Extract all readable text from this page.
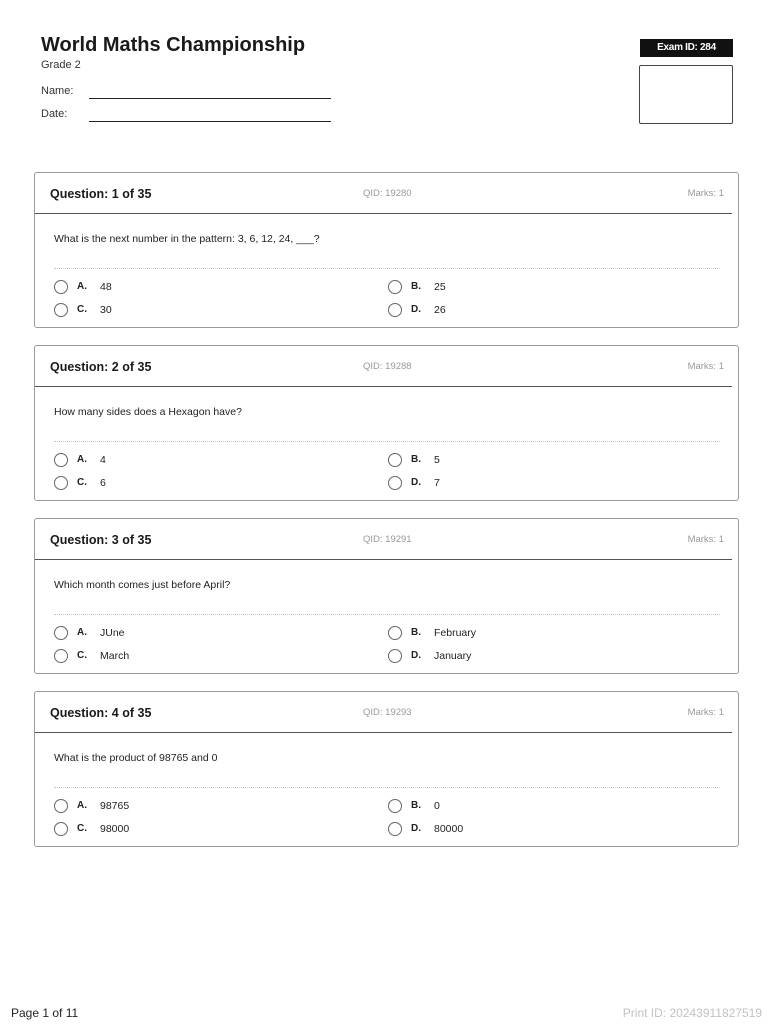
World Maths Championship
Grade 2
Name:
Date:
Exam ID: 284
Question: 1 of 35	QID: 19280	Marks: 1
What is the next number in the pattern: 3, 6, 12, 24, ___?
A. 48	B. 25
C. 30	D. 26
Question: 2 of 35	QID: 19288	Marks: 1
How many sides does a Hexagon have?
A. 4	B. 5
C. 6	D. 7
Question: 3 of 35	QID: 19291	Marks: 1
Which month comes just before April?
A. JUne	B. February
C. March	D. January
Question: 4 of 35	QID: 19293	Marks: 1
What is the product of 98765 and 0
A. 98765	B. 0
C. 98000	D. 80000
Page 1 of 11	Print ID: 20243911827519
